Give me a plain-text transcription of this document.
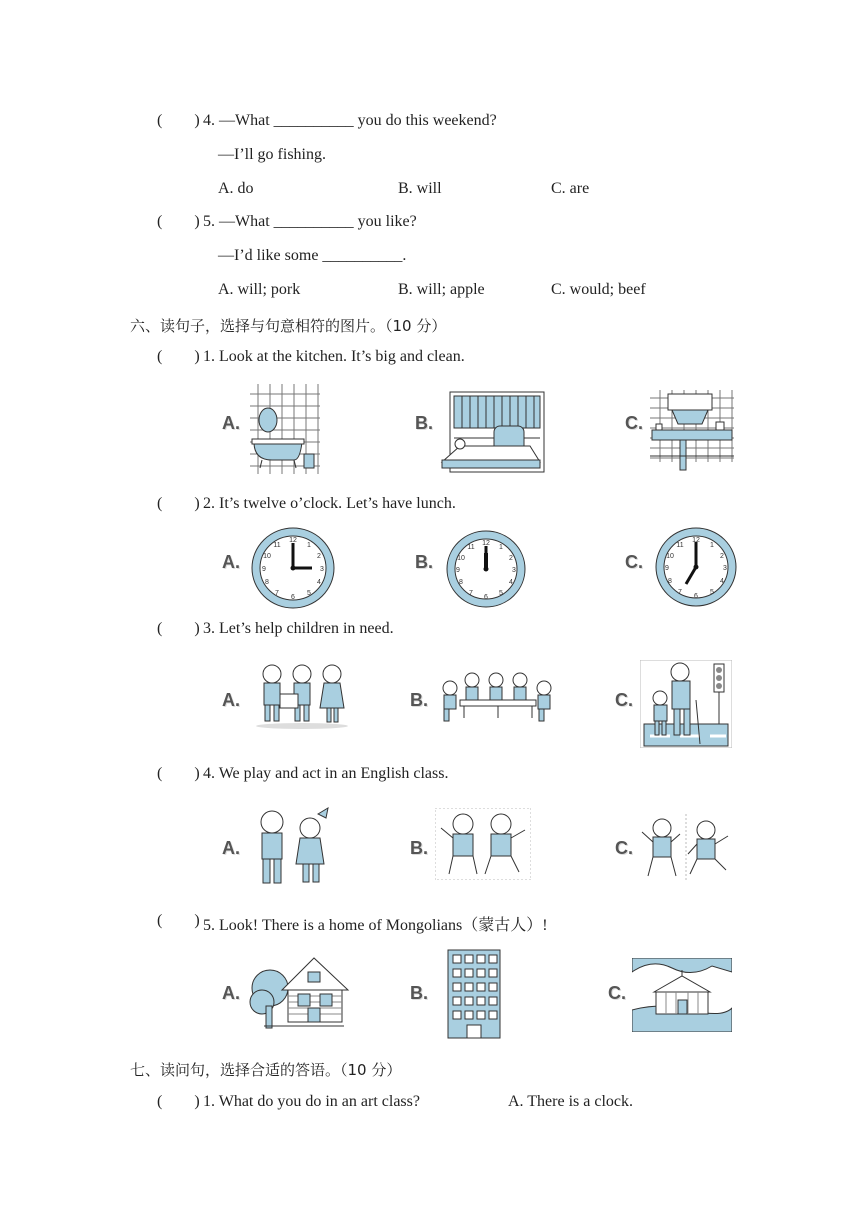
(        ) 4. —What __________ you do this weekend?
—I’ll go fishing.
A. do	B. will	C. are
(        ) 5. —What __________ you like?
—I’d like some __________.
A. will; pork	B. will; apple	C. would; beef
六、读句子，选择与句意相符的图片。（10 分）
(        ) 1. Look at the kitchen. It’s big and clean.
A.	B.	C.
(        ) 2. It’s twelve o’clock. Let’s have lunch.
A.
12
1
2
3
4
5
6
7
8
9
10
11
B.
12
1
2
3
4
5
6
7
8
9
10
11
C.
12
1
2
3
4
5
6
7
8
9
10
11
(        ) 3. Let’s help children in need.
A.	B.	C.
(        ) 4. We play and act in an English class.
A.	B.	C.
(        ) 5. Look! There is a home of Mongolians（蒙古人）!
A.	B.	C.
七、读问句，选择合适的答语。（10 分）
(        ) 1. What do you do in an art class?	A. There is a clock.
